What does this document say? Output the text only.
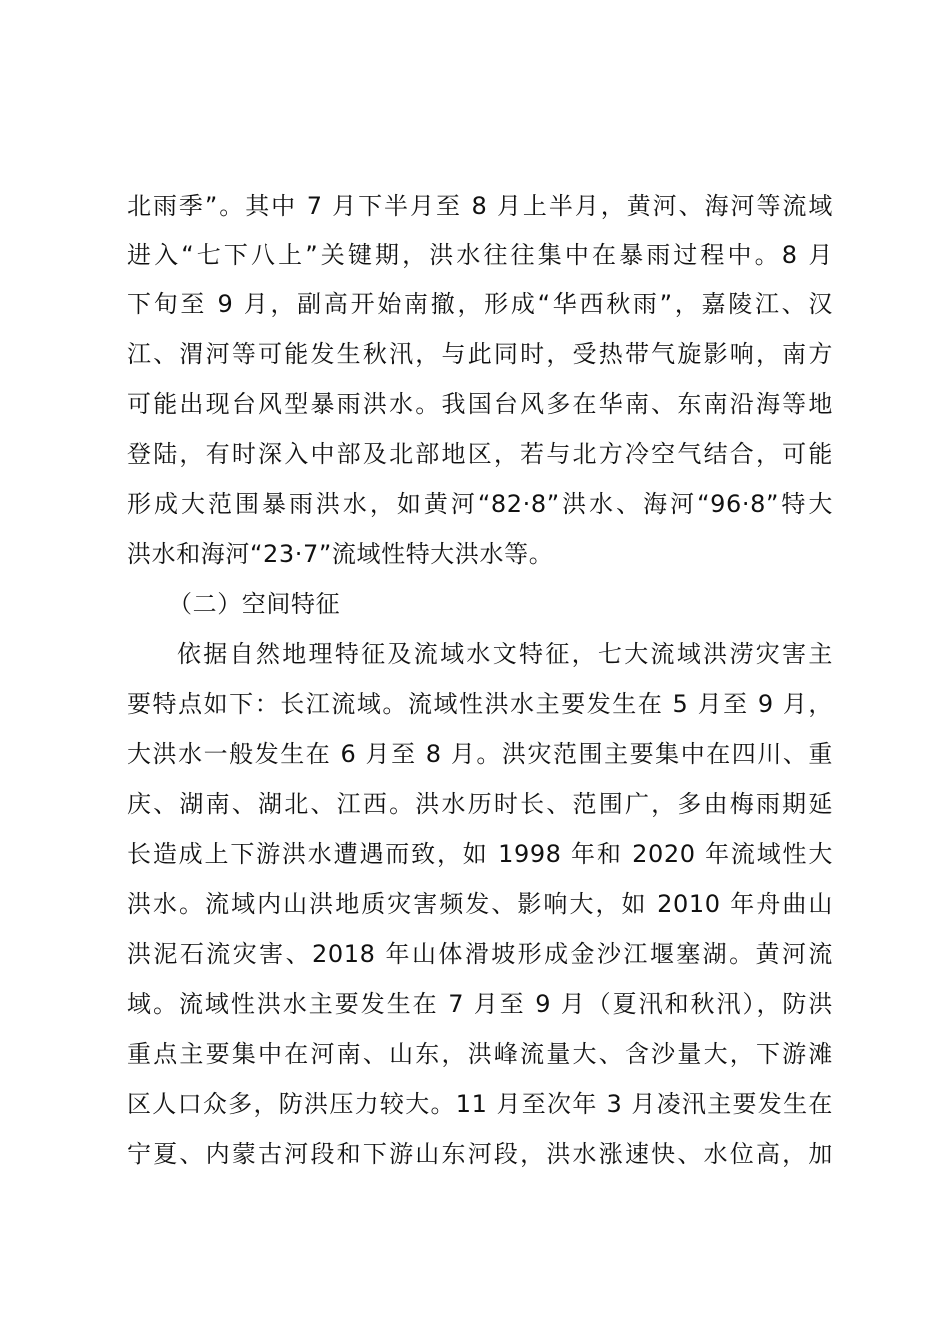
北雨季”。其中 7 月下半月至 8 月上半月，黄河、海河等流域
进入“七下八上”关键期，洪水往往集中在暴雨过程中。8 月
下旬至 9 月，副高开始南撤，形成“华西秋雨”，嘉陵江、汉
江、渭河等可能发生秋汛，与此同时，受热带气旋影响，南方
可能出现台风型暴雨洪水。我国台风多在华南、东南沿海等地
登陆，有时深入中部及北部地区，若与北方冷空气结合，可能
形成大范围暴雨洪水，如黄河“82·8”洪水、海河“96·8”特大
洪水和海河“23·7”流域性特大洪水等。
（二）空间特征
依据自然地理特征及流域水文特征，七大流域洪涝灾害主
要特点如下：长江流域。流域性洪水主要发生在 5 月至 9 月，
大洪水一般发生在 6 月至 8 月。洪灾范围主要集中在四川、重
庆、湖南、湖北、江西。洪水历时长、范围广，多由梅雨期延
长造成上下游洪水遭遇而致，如 1998 年和 2020 年流域性大
洪水。流域内山洪地质灾害频发、影响大，如 2010 年舟曲山
洪泥石流灾害、2018 年山体滑坡形成金沙江堰塞湖。黄河流
域。流域性洪水主要发生在 7 月至 9 月（夏汛和秋汛），防洪
重点主要集中在河南、山东，洪峰流量大、含沙量大，下游滩
区人口众多，防洪压力较大。11 月至次年 3 月凌汛主要发生在
宁夏、内蒙古河段和下游山东河段，洪水涨速快、水位高，加
